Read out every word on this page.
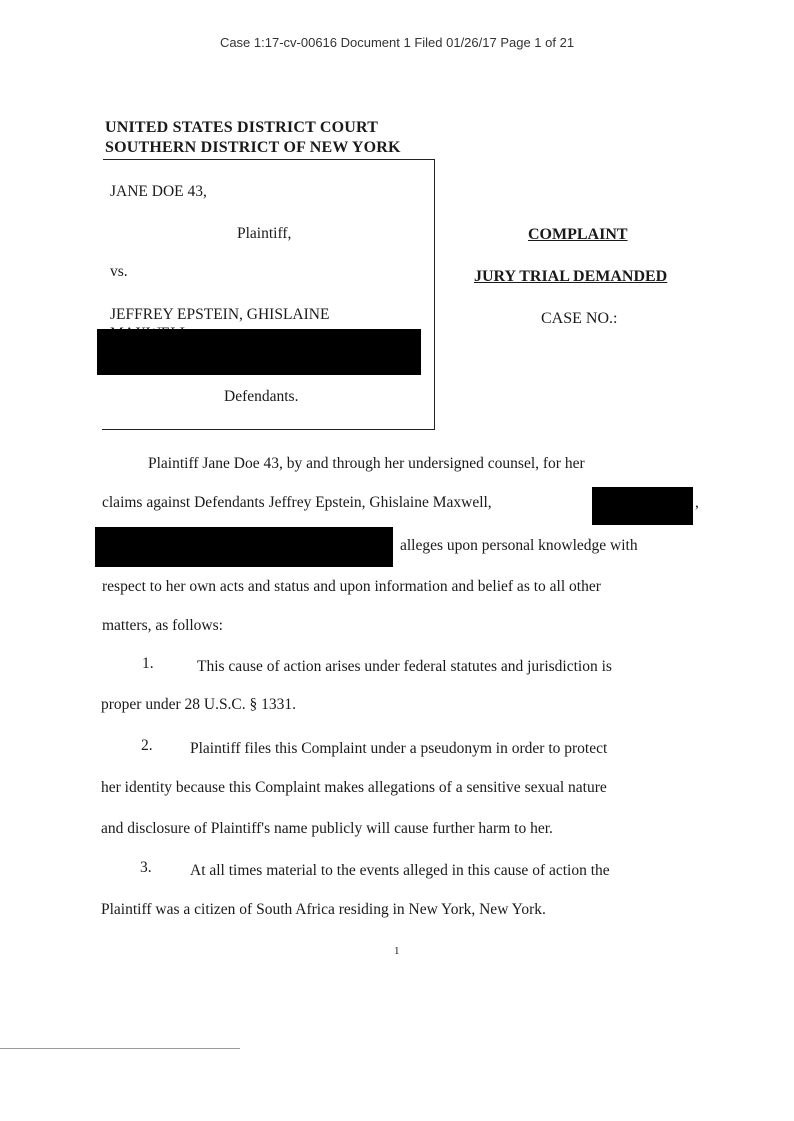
Case 1:17-cv-00616 Document 1 Filed 01/26/17 Page 1 of 21
UNITED STATES DISTRICT COURT
SOUTHERN DISTRICT OF NEW YORK
JANE DOE 43,
Plaintiff,
vs.
JEFFREY EPSTEIN, GHISLAINE
Defendants.
COMPLAINT
JURY TRIAL DEMANDED
CASE NO.:
Plaintiff Jane Doe 43, by and through her undersigned counsel, for her
claims against Defendants Jeffrey Epstein, Ghislaine Maxwell,	,
alleges upon personal knowledge with
respect to her own acts and status and upon information and belief as to all other
matters, as follows:
1.	This cause of action arises under federal statutes and jurisdiction is
proper under 28 U.S.C. § 1331.
2. Plaintiff files this Complaint under a pseudonym in order to protect
her identity because this Complaint makes allegations of a sensitive sexual nature
and disclosure of Plaintiff's name publicly will cause further harm to her.
3. At all times material to the events alleged in this cause of action the
Plaintiff was a citizen of South Africa residing in New York, New York.
1
